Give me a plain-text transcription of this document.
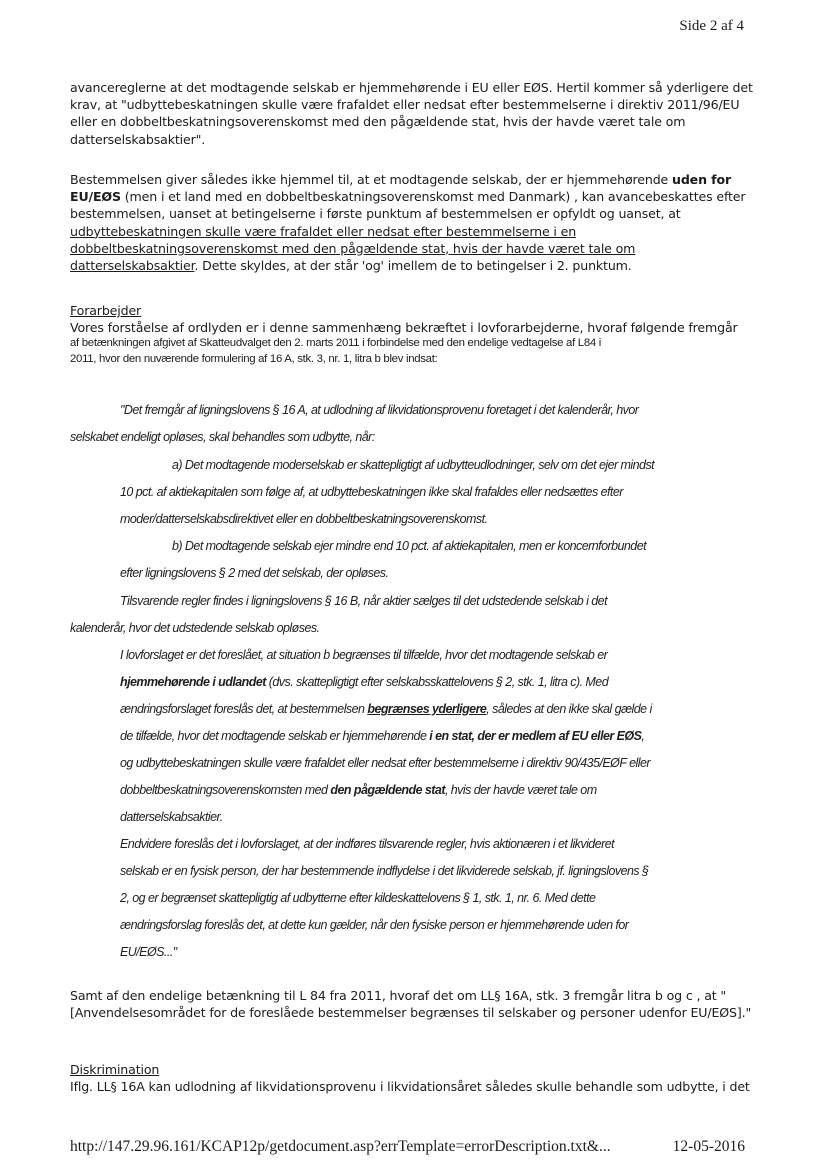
Side 2 af 4

avancereglerne at det modtagende selskab er hjemmehørende i EU eller EØS. Hertil kommer så yderligere det krav, at "udbyttebeskatningen skulle være frafaldet eller nedsat efter bestemmelserne i direktiv 2011/96/EU eller en dobbeltbeskatningsoverenskomst med den pågældende stat, hvis der havde været tale om datterselskabsaktier".

Bestemmelsen giver således ikke hjemmel til, at et modtagende selskab, der er hjemmehørende uden for EU/EØS (men i et land med en dobbeltbeskatningsoverenskomst med Danmark) , kan avancebeskattes efter bestemmelsen, uanset at betingelserne i første punktum af bestemmelsen er opfyldt og uanset, at udbyttebeskatningen skulle være frafaldet eller nedsat efter bestemmelserne i en dobbeltbeskatningsoverenskomst med den pågældende stat, hvis der havde været tale om datterselskabsaktier. Dette skyldes, at der står 'og' imellem de to betingelser i 2. punktum.

Forarbejder
Vores forståelse af ordlyden er i denne sammenhæng bekræftet i lovforarbejderne, hvoraf følgende fremgår
af betænkningen afgivet af Skatteudvalget den 2. marts 2011 i forbindelse med den endelige vedtagelse af L84 i
2011, hvor den nuværende formulering af 16 A, stk. 3, nr. 1, litra b blev indsat:
"Det fremgår af ligningslovens § 16 A, at udlodning af likvidationsprovenu foretaget i det kalenderår, hvor
selskabet endeligt opløses, skal behandles som udbytte, når:
a) Det modtagende moderselskab er skattepligtigt af udbytteudlodninger, selv om det ejer mindst
10 pct. af aktiekapitalen som følge af, at udbyttebeskatningen ikke skal frafaldes eller nedsættes efter
moder/datterselskabsdirektivet eller en dobbeltbeskatningsoverenskomst.
b) Det modtagende selskab ejer mindre end 10 pct. af aktiekapitalen, men er koncernforbundet
efter ligningslovens § 2 med det selskab, der opløses.
Tilsvarende regler findes i ligningslovens § 16 B, når aktier sælges til det udstedende selskab i det
kalenderår, hvor det udstedende selskab opløses.
I lovforslaget er det foreslået, at situation b begrænses til tilfælde, hvor det modtagende selskab er
hjemmehørende i udlandet (dvs. skattepligtigt efter selskabsskattelovens § 2, stk. 1, litra c). Med
ændringsforslaget foreslås det, at bestemmelsen begrænses yderligere, således at den ikke skal gælde i
de tilfælde, hvor det modtagende selskab er hjemmehørende i en stat, der er medlem af EU eller EØS,
og udbyttebeskatningen skulle være frafaldet eller nedsat efter bestemmelserne i direktiv 90/435/EØF eller
dobbeltbeskatningsoverenskomsten med den pågældende stat, hvis der havde været tale om
datterselskabsaktier.
Endvidere foreslås det i lovforslaget, at der indføres tilsvarende regler, hvis aktionæren i et likvideret
selskab er en fysisk person, der har bestemmende indflydelse i det likviderede selskab, jf. ligningslovens §
2, og er begrænset skattepligtig af udbytterne efter kildeskattelovens § 1, stk. 1, nr. 6. Med dette
ændringsforslag foreslås det, at dette kun gælder, når den fysiske person er hjemmehørende uden for
EU/EØS..."

Samt af den endelige betænkning til L 84 fra 2011, hvoraf det om LL§ 16A, stk. 3 fremgår litra b og c , at "[Anvendelsesområdet for de foreslåede bestemmelser begrænses til selskaber og personer udenfor EU/EØS]."

Diskrimination
Iflg. LL§ 16A kan udlodning af likvidationsprovenu i likvidationsåret således skulle behandle som udbytte, i det
http://147.29.96.161/KCAP12p/getdocument.asp?errTemplate=errorDescription.txt&...	12-05-2016
